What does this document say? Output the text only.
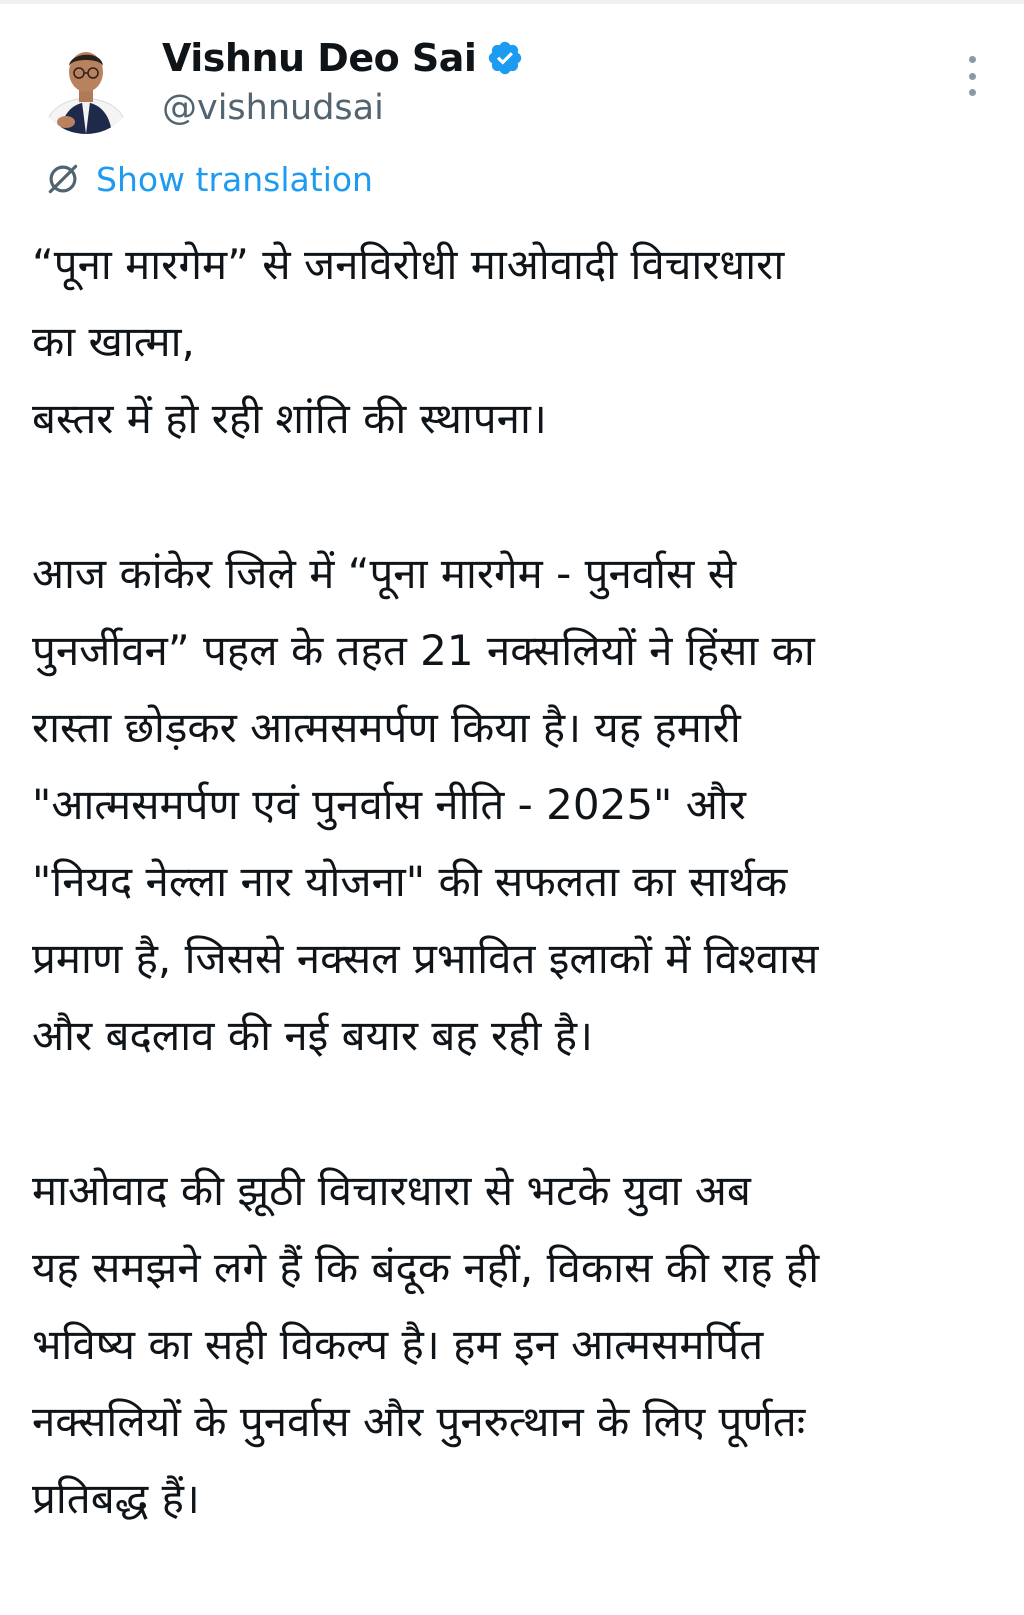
Vishnu Deo Sai
@vishnudsai
Show translation
“पूना मारगेम” से जनविरोधी माओवादी विचारधारा
का खात्मा,
बस्तर में हो रही शांति की स्थापना।
आज कांकेर जिले में “पूना मारगेम - पुनर्वास से
पुनर्जीवन” पहल के तहत 21 नक्सलियों ने हिंसा का
रास्ता छोड़कर आत्मसमर्पण किया है। यह हमारी
"आत्मसमर्पण एवं पुनर्वास नीति - 2025" और
"नियद नेल्ला नार योजना" की सफलता का सार्थक
प्रमाण है, जिससे नक्सल प्रभावित इलाकों में विश्वास
और बदलाव की नई बयार बह रही है।
माओवाद की झूठी विचारधारा से भटके युवा अब
यह समझने लगे हैं कि बंदूक नहीं, विकास की राह ही
भविष्य का सही विकल्प है। हम इन आत्मसमर्पित
नक्सलियों के पुनर्वास और पुनरुत्थान के लिए पूर्णतः
प्रतिबद्ध हैं।
